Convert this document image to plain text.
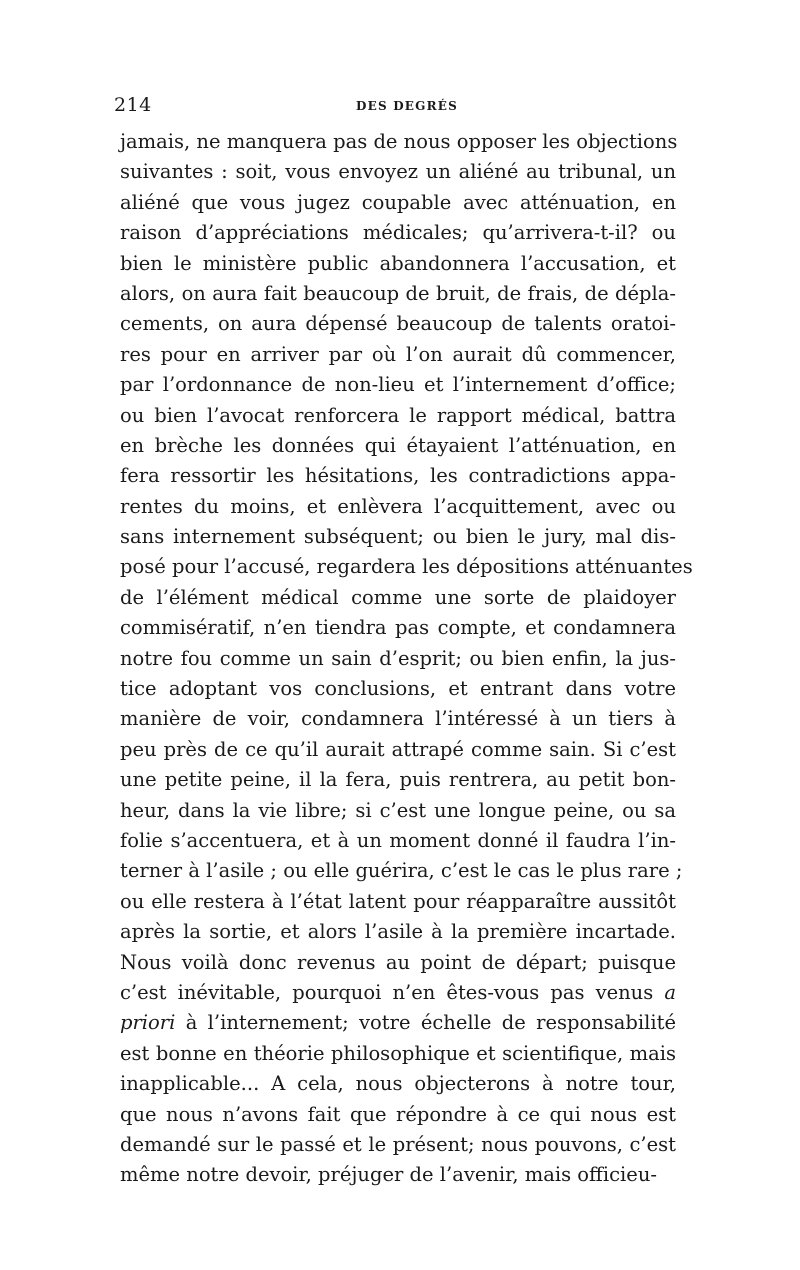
214	DES DEGRÉS
jamais, ne manquera pas de nous opposer les objections
suivantes : soit, vous envoyez un aliéné au tribunal, un
aliéné que vous jugez coupable avec atténuation, en
raison d’appréciations médicales; qu’arrivera-t-il? ou
bien le ministère public abandonnera l’accusation, et
alors, on aura fait beaucoup de bruit, de frais, de dépla-
cements, on aura dépensé beaucoup de talents oratoi-
res pour en arriver par où l’on aurait dû commencer,
par l’ordonnance de non-lieu et l’internement d’office;
ou bien l’avocat renforcera le rapport médical, battra
en brèche les données qui étayaient l’atténuation, en
fera ressortir les hésitations, les contradictions appa-
rentes du moins, et enlèvera l’acquittement, avec ou
sans internement subséquent; ou bien le jury, mal dis-
posé pour l’accusé, regardera les dépositions atténuantes
de l’élément médical comme une sorte de plaidoyer
commisératif, n’en tiendra pas compte, et condamnera
notre fou comme un sain d’esprit; ou bien enfin, la jus-
tice adoptant vos conclusions, et entrant dans votre
manière de voir, condamnera l’intéressé à un tiers à
peu près de ce qu’il aurait attrapé comme sain. Si c’est
une petite peine, il la fera, puis rentrera, au petit bon-
heur, dans la vie libre; si c’est une longue peine, ou sa
folie s’accentuera, et à un moment donné il faudra l’in-
terner à l’asile ; ou elle guérira, c’est le cas le plus rare ;
ou elle restera à l’état latent pour réapparaître aussitôt
après la sortie, et alors l’asile à la première incartade.
Nous voilà donc revenus au point de départ; puisque
c’est inévitable, pourquoi n’en êtes-vous pas venus a
priori à l’internement; votre échelle de responsabilité
est bonne en théorie philosophique et scientifique, mais
inapplicable... A cela, nous objecterons à notre tour,
que nous n’avons fait que répondre à ce qui nous est
demandé sur le passé et le présent; nous pouvons, c’est
même notre devoir, préjuger de l’avenir, mais officieu-
